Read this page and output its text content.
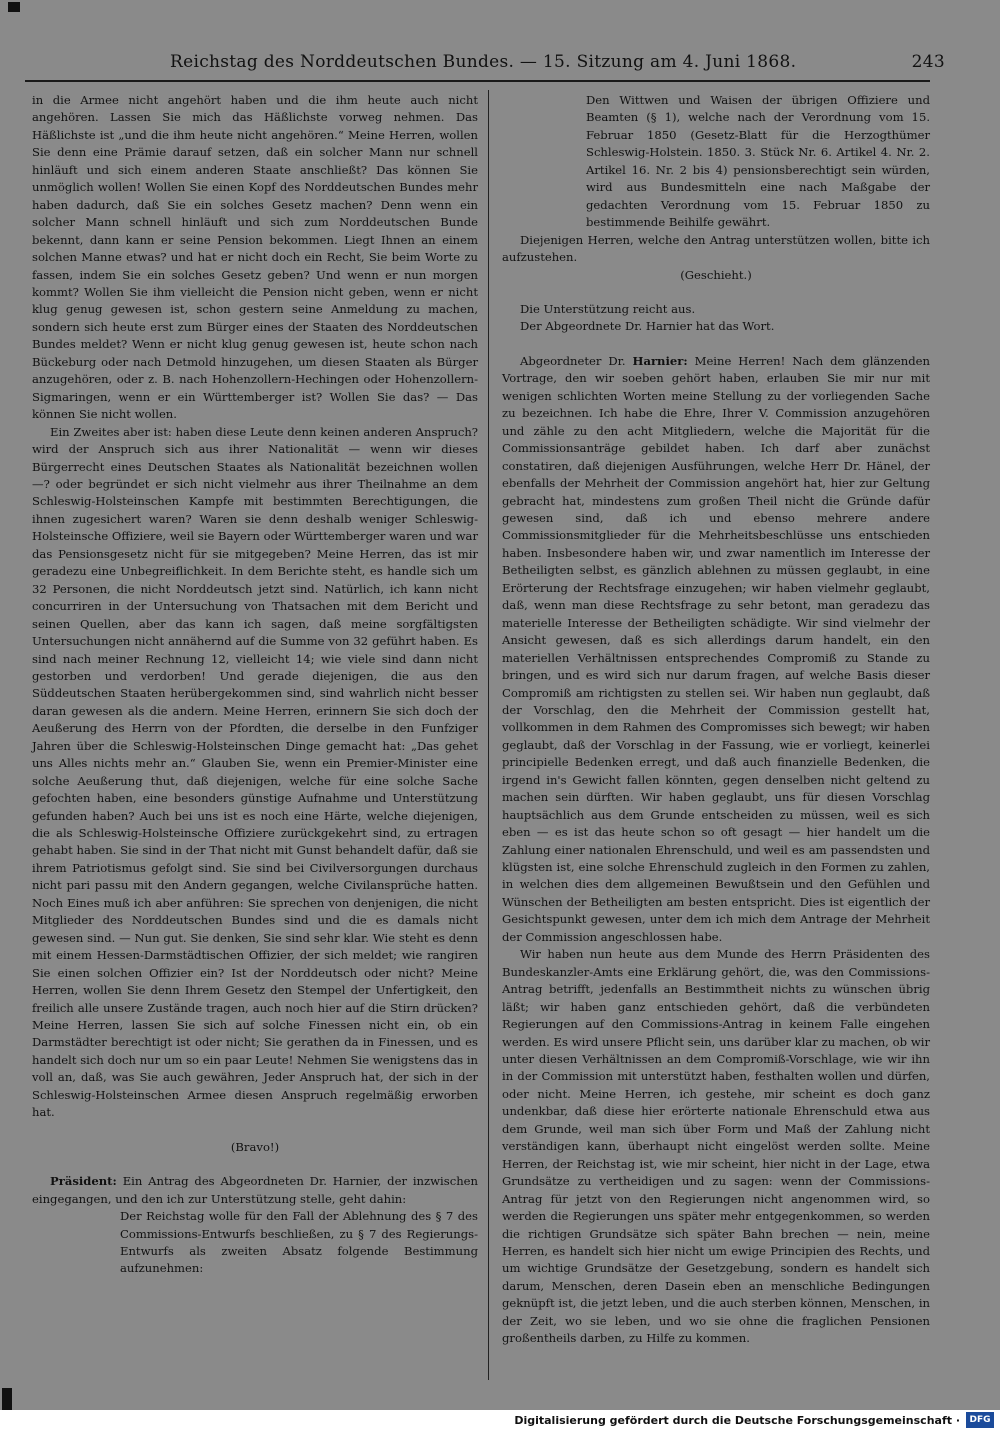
Reichstag des Norddeutschen Bundes. — 15. Sitzung am 4. Juni 1868.	243

in die Armee nicht angehört haben und die ihm heute auch nicht angehören. Lassen Sie mich das Häßlichste vorweg nehmen. Das Häßlichste ist „und die ihm heute nicht angehören.“ Meine Herren, wollen Sie denn eine Prämie darauf setzen, daß ein solcher Mann nur schnell hinläuft und sich einem anderen Staate anschließt? Das können Sie unmöglich wollen! Wollen Sie einen Kopf des Norddeutschen Bundes mehr haben dadurch, daß Sie ein solches Gesetz machen? Denn wenn ein solcher Mann schnell hinläuft und sich zum Norddeutschen Bunde bekennt, dann kann er seine Pension bekommen. Liegt Ihnen an einem solchen Manne etwas? und hat er nicht doch ein Recht, Sie beim Worte zu fassen, indem Sie ein solches Gesetz geben? Und wenn er nun morgen kommt? Wollen Sie ihm vielleicht die Pension nicht geben, wenn er nicht klug genug gewesen ist, schon gestern seine Anmeldung zu machen, sondern sich heute erst zum Bürger eines der Staaten des Norddeutschen Bundes meldet? Wenn er nicht klug genug gewesen ist, heute schon nach Bückeburg oder nach Detmold hinzugehen, um diesen Staaten als Bürger anzugehören, oder z. B. nach Hohenzollern-Hechingen oder Hohenzollern-Sigmaringen, wenn er ein Württemberger ist? Wollen Sie das? — Das können Sie nicht wollen.

Ein Zweites aber ist: haben diese Leute denn keinen anderen Anspruch? wird der Anspruch sich aus ihrer Nationalität — wenn wir dieses Bürgerrecht eines Deutschen Staates als Nationalität bezeichnen wollen —? oder begründet er sich nicht vielmehr aus ihrer Theilnahme an dem Schleswig-Holsteinschen Kampfe mit bestimmten Berechtigungen, die ihnen zugesichert waren? Waren sie denn deshalb weniger Schleswig-Holsteinsche Offiziere, weil sie Bayern oder Württemberger waren und war das Pensionsgesetz nicht für sie mitgegeben? Meine Herren, das ist mir geradezu eine Unbegreiflichkeit. In dem Berichte steht, es handle sich um 32 Personen, die nicht Norddeutsch jetzt sind. Natürlich, ich kann nicht concurriren in der Untersuchung von Thatsachen mit dem Bericht und seinen Quellen, aber das kann ich sagen, daß meine sorgfältigsten Untersuchungen nicht annähernd auf die Summe von 32 geführt haben. Es sind nach meiner Rechnung 12, vielleicht 14; wie viele sind dann nicht gestorben und verdorben! Und gerade diejenigen, die aus den Süddeutschen Staaten herübergekommen sind, sind wahrlich nicht besser daran gewesen als die andern. Meine Herren, erinnern Sie sich doch der Aeußerung des Herrn von der Pfordten, die derselbe in den Funfziger Jahren über die Schleswig-Holsteinschen Dinge gemacht hat: „Das gehet uns Alles nichts mehr an.“ Glauben Sie, wenn ein Premier-Minister eine solche Aeußerung thut, daß diejenigen, welche für eine solche Sache gefochten haben, eine besonders günstige Aufnahme und Unterstützung gefunden haben? Auch bei uns ist es noch eine Härte, welche diejenigen, die als Schleswig-Holsteinsche Offiziere zurückgekehrt sind, zu ertragen gehabt haben. Sie sind in der That nicht mit Gunst behandelt dafür, daß sie ihrem Patriotismus gefolgt sind. Sie sind bei Civilversorgungen durchaus nicht pari passu mit den Andern gegangen, welche Civilansprüche hatten. Noch Eines muß ich aber anführen: Sie sprechen von denjenigen, die nicht Mitglieder des Norddeutschen Bundes sind und die es damals nicht gewesen sind. — Nun gut. Sie denken, Sie sind sehr klar. Wie steht es denn mit einem Hessen-Darmstädtischen Offizier, der sich meldet; wie rangiren Sie einen solchen Offizier ein? Ist der Norddeutsch oder nicht? Meine Herren, wollen Sie denn Ihrem Gesetz den Stempel der Unfertigkeit, den freilich alle unsere Zustände tragen, auch noch hier auf die Stirn drücken? Meine Herren, lassen Sie sich auf solche Finessen nicht ein, ob ein Darmstädter berechtigt ist oder nicht; Sie gerathen da in Finessen, und es handelt sich doch nur um so ein paar Leute! Nehmen Sie wenigstens das in voll an, daß, was Sie auch gewähren, Jeder Anspruch hat, der sich in der Schleswig-Holsteinschen Armee diesen Anspruch regelmäßig erworben hat.

(Bravo!)

Präsident: Ein Antrag des Abgeordneten Dr. Harnier, der inzwischen eingegangen, und den ich zur Unterstützung stelle, geht dahin:

Der Reichstag wolle für den Fall der Ablehnung des § 7 des Commissions-Entwurfs beschließen, zu § 7 des Regierungs-Entwurfs als zweiten Absatz folgende Bestimmung aufzunehmen:

Den Wittwen und Waisen der übrigen Offiziere und Beamten (§ 1), welche nach der Verordnung vom 15. Februar 1850 (Gesetz-Blatt für die Herzogthümer Schleswig-Holstein. 1850. 3. Stück Nr. 6. Artikel 4. Nr. 2. Artikel 16. Nr. 2 bis 4) pensionsberechtigt sein würden, wird aus Bundesmitteln eine nach Maßgabe der gedachten Verordnung vom 15. Februar 1850 zu bestimmende Beihilfe gewährt.

Diejenigen Herren, welche den Antrag unterstützen wollen, bitte ich aufzustehen.

(Geschieht.)

Die Unterstützung reicht aus.

Der Abgeordnete Dr. Harnier hat das Wort.

Abgeordneter Dr. Harnier: Meine Herren! Nach dem glänzenden Vortrage, den wir soeben gehört haben, erlauben Sie mir nur mit wenigen schlichten Worten meine Stellung zu der vorliegenden Sache zu bezeichnen. Ich habe die Ehre, Ihrer V. Commission anzugehören und zähle zu den acht Mitgliedern, welche die Majorität für die Commissionsanträge gebildet haben. Ich darf aber zunächst constatiren, daß diejenigen Ausführungen, welche Herr Dr. Hänel, der ebenfalls der Mehrheit der Commission angehört hat, hier zur Geltung gebracht hat, mindestens zum großen Theil nicht die Gründe dafür gewesen sind, daß ich und ebenso mehrere andere Commissionsmitglieder für die Mehrheitsbeschlüsse uns entschieden haben. Insbesondere haben wir, und zwar namentlich im Interesse der Betheiligten selbst, es gänzlich ablehnen zu müssen geglaubt, in eine Erörterung der Rechtsfrage einzugehen; wir haben vielmehr geglaubt, daß, wenn man diese Rechtsfrage zu sehr betont, man geradezu das materielle Interesse der Betheiligten schädigte. Wir sind vielmehr der Ansicht gewesen, daß es sich allerdings darum handelt, ein den materiellen Verhältnissen entsprechendes Compromiß zu Stande zu bringen, und es wird sich nur darum fragen, auf welche Basis dieser Compromiß am richtigsten zu stellen sei. Wir haben nun geglaubt, daß der Vorschlag, den die Mehrheit der Commission gestellt hat, vollkommen in dem Rahmen des Compromisses sich bewegt; wir haben geglaubt, daß der Vorschlag in der Fassung, wie er vorliegt, keinerlei principielle Bedenken erregt, und daß auch finanzielle Bedenken, die irgend in's Gewicht fallen könnten, gegen denselben nicht geltend zu machen sein dürften. Wir haben geglaubt, uns für diesen Vorschlag hauptsächlich aus dem Grunde entscheiden zu müssen, weil es sich eben — es ist das heute schon so oft gesagt — hier handelt um die Zahlung einer nationalen Ehrenschuld, und weil es am passendsten und klügsten ist, eine solche Ehrenschuld zugleich in den Formen zu zahlen, in welchen dies dem allgemeinen Bewußtsein und den Gefühlen und Wünschen der Betheiligten am besten entspricht. Dies ist eigentlich der Gesichtspunkt gewesen, unter dem ich mich dem Antrage der Mehrheit der Commission angeschlossen habe.

Wir haben nun heute aus dem Munde des Herrn Präsidenten des Bundeskanzler-Amts eine Erklärung gehört, die, was den Commissions-Antrag betrifft, jedenfalls an Bestimmtheit nichts zu wünschen übrig läßt; wir haben ganz entschieden gehört, daß die verbündeten Regierungen auf den Commissions-Antrag in keinem Falle eingehen werden. Es wird unsere Pflicht sein, uns darüber klar zu machen, ob wir unter diesen Verhältnissen an dem Compromiß-Vorschlage, wie wir ihn in der Commission mit unterstützt haben, festhalten wollen und dürfen, oder nicht. Meine Herren, ich gestehe, mir scheint es doch ganz undenkbar, daß diese hier erörterte nationale Ehrenschuld etwa aus dem Grunde, weil man sich über Form und Maß der Zahlung nicht verständigen kann, überhaupt nicht eingelöst werden sollte. Meine Herren, der Reichstag ist, wie mir scheint, hier nicht in der Lage, etwa Grundsätze zu vertheidigen und zu sagen: wenn der Commissions-Antrag für jetzt von den Regierungen nicht angenommen wird, so werden die Regierungen uns später mehr entgegenkommen, so werden die richtigen Grundsätze sich später Bahn brechen — nein, meine Herren, es handelt sich hier nicht um ewige Principien des Rechts, und um wichtige Grundsätze der Gesetzgebung, sondern es handelt sich darum, Menschen, deren Dasein eben an menschliche Bedingungen geknüpft ist, die jetzt leben, und die auch sterben können, Menschen, in der Zeit, wo sie leben, und wo sie ohne die fraglichen Pensionen großentheils darben, zu Hilfe zu kommen.

Digitalisierung gefördert durch die Deutsche Forschungsgemeinschaft ·	DFG
